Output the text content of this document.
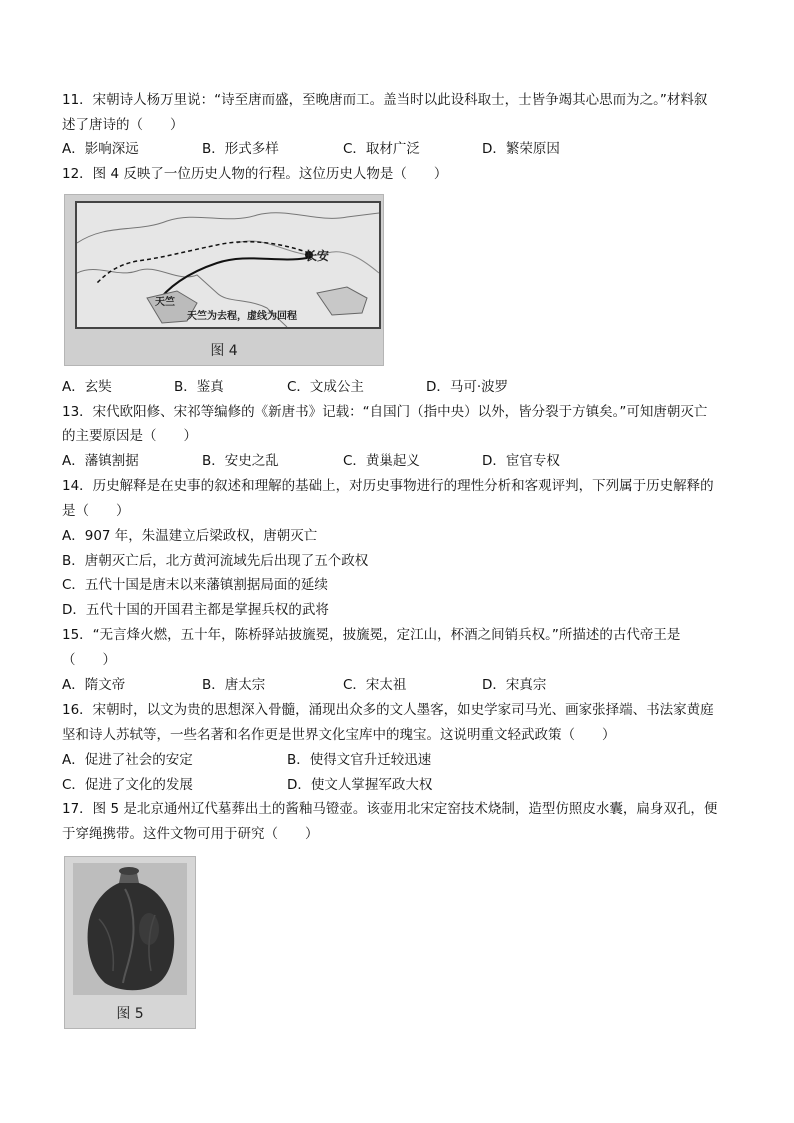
11．宋朝诗人杨万里说：“诗至唐而盛，至晚唐而工。盖当时以此设科取士，士皆争竭其心思而为之。”材料叙
述了唐诗的（　　）
A．影响深远	B．形式多样	C．取材广泛	D．繁荣原因
12．图 4 反映了一位历史人物的行程。这位历史人物是（　　）
长安
天竺
天竺为去程，虚线为回程
图 4
A．玄奘	B．鉴真	C．文成公主	D．马可·波罗
13．宋代欧阳修、宋祁等编修的《新唐书》记载：“自国门（指中央）以外，皆分裂于方镇矣。”可知唐朝灭亡
的主要原因是（　　）
A．藩镇割据	B．安史之乱	C．黄巢起义	D．宦官专权
14．历史解释是在史事的叙述和理解的基础上，对历史事物进行的理性分析和客观评判，下列属于历史解释的
是（　　）
A．907 年，朱温建立后梁政权，唐朝灭亡
B．唐朝灭亡后，北方黄河流域先后出现了五个政权
C．五代十国是唐末以来藩镇割据局面的延续
D．五代十国的开国君主都是掌握兵权的武将
15．“无言烽火燃，五十年，陈桥驿站披旒冕，披旒冕，定江山，杯酒之间销兵权。”所描述的古代帝王是
（　　）
A．隋文帝	B．唐太宗	C．宋太祖	D．宋真宗
16．宋朝时，以文为贵的思想深入骨髓，涌现出众多的文人墨客，如史学家司马光、画家张择端、书法家黄庭
坚和诗人苏轼等，一些名著和名作更是世界文化宝库中的瑰宝。这说明重文轻武政策（　　）
A．促进了社会的安定	B．使得文官升迁较迅速
C．促进了文化的发展	D．使文人掌握军政大权
17．图 5 是北京通州辽代墓葬出土的酱釉马镫壶。该壶用北宋定窑技术烧制，造型仿照皮水囊，扁身双孔，便
于穿绳携带。这件文物可用于研究（　　）
图 5
